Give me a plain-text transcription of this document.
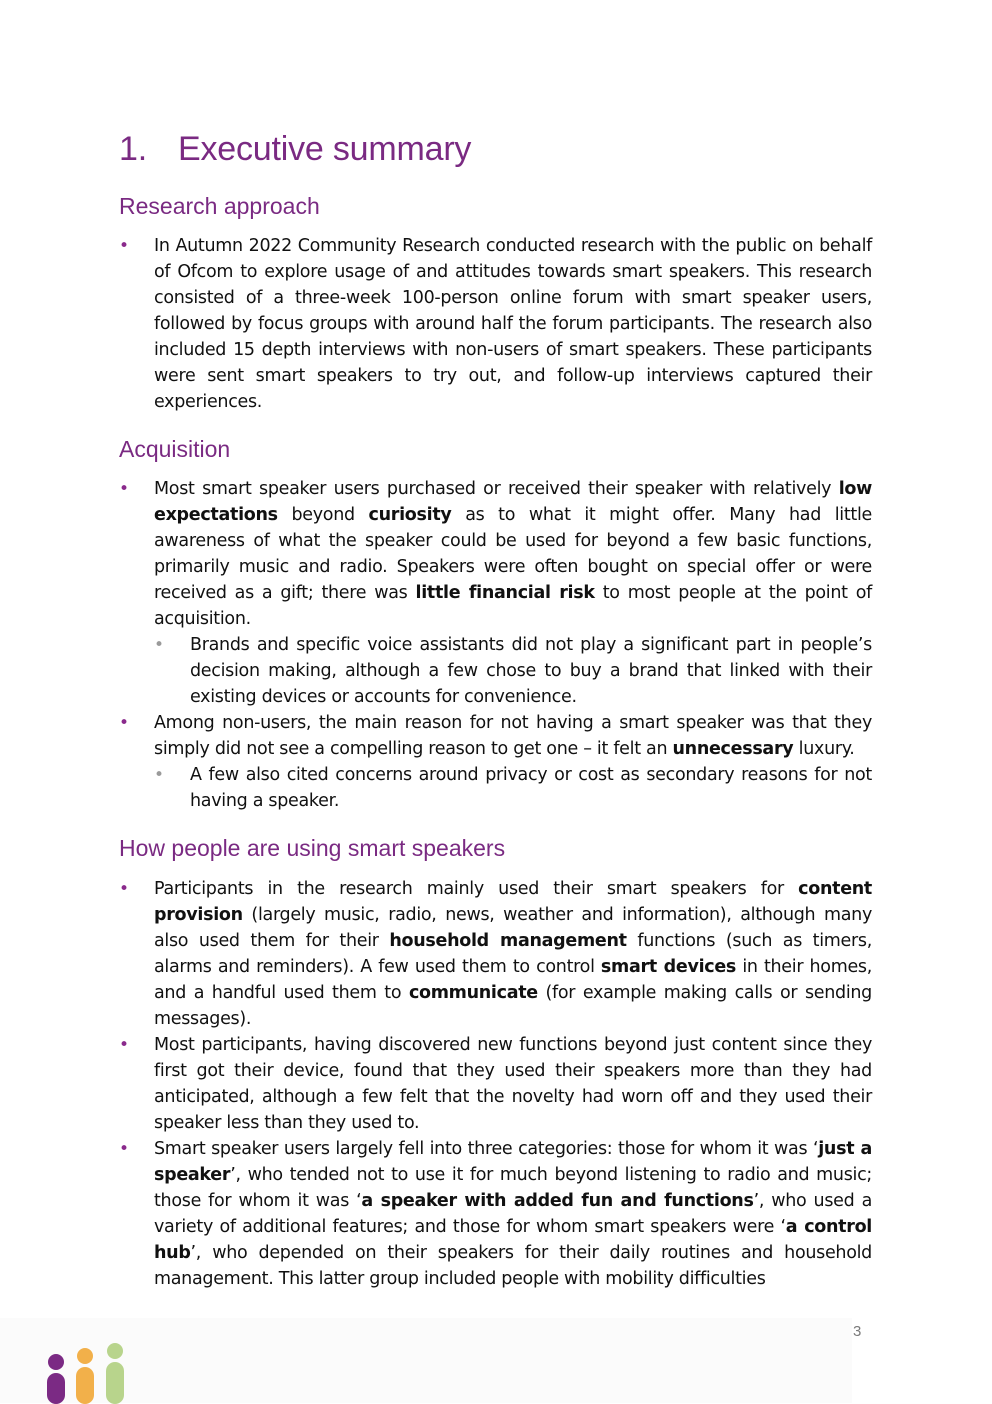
1. Executive summary
Research approach
• In Autumn 2022 Community Research conducted research with the public on behalf of Ofcom to explore usage of and attitudes towards smart speakers. This research consisted of a three-week 100-person online forum with smart speaker users, followed by focus groups with around half the forum participants. The research also included 15 depth interviews with non-users of smart speakers. These participants were sent smart speakers to try out, and follow-up interviews captured their experiences.
Acquisition
• Most smart speaker users purchased or received their speaker with relatively low expectations beyond curiosity as to what it might offer. Many had little awareness of what the speaker could be used for beyond a few basic functions, primarily music and radio. Speakers were often bought on special offer or were received as a gift; there was little financial risk to most people at the point of acquisition.
• Brands and specific voice assistants did not play a significant part in people’s decision making, although a few chose to buy a brand that linked with their existing devices or accounts for convenience.
• Among non-users, the main reason for not having a smart speaker was that they simply did not see a compelling reason to get one – it felt an unnecessary luxury.
• A few also cited concerns around privacy or cost as secondary reasons for not having a speaker.
How people are using smart speakers
• Participants in the research mainly used their smart speakers for content provision (largely music, radio, news, weather and information), although many also used them for their household management functions (such as timers, alarms and reminders). A few used them to control smart devices in their homes, and a handful used them to communicate (for example making calls or sending messages).
• Most participants, having discovered new functions beyond just content since they first got their device, found that they used their speakers more than they had anticipated, although a few felt that the novelty had worn off and they used their speaker less than they used to.
• Smart speaker users largely fell into three categories: those for whom it was ‘just a speaker’, who tended not to use it for much beyond listening to radio and music; those for whom it was ‘a speaker with added fun and functions’, who used a variety of additional features; and those for whom smart speakers were ‘a control hub’, who depended on their speakers for their daily routines and household management. This latter group included people with mobility difficulties
3
